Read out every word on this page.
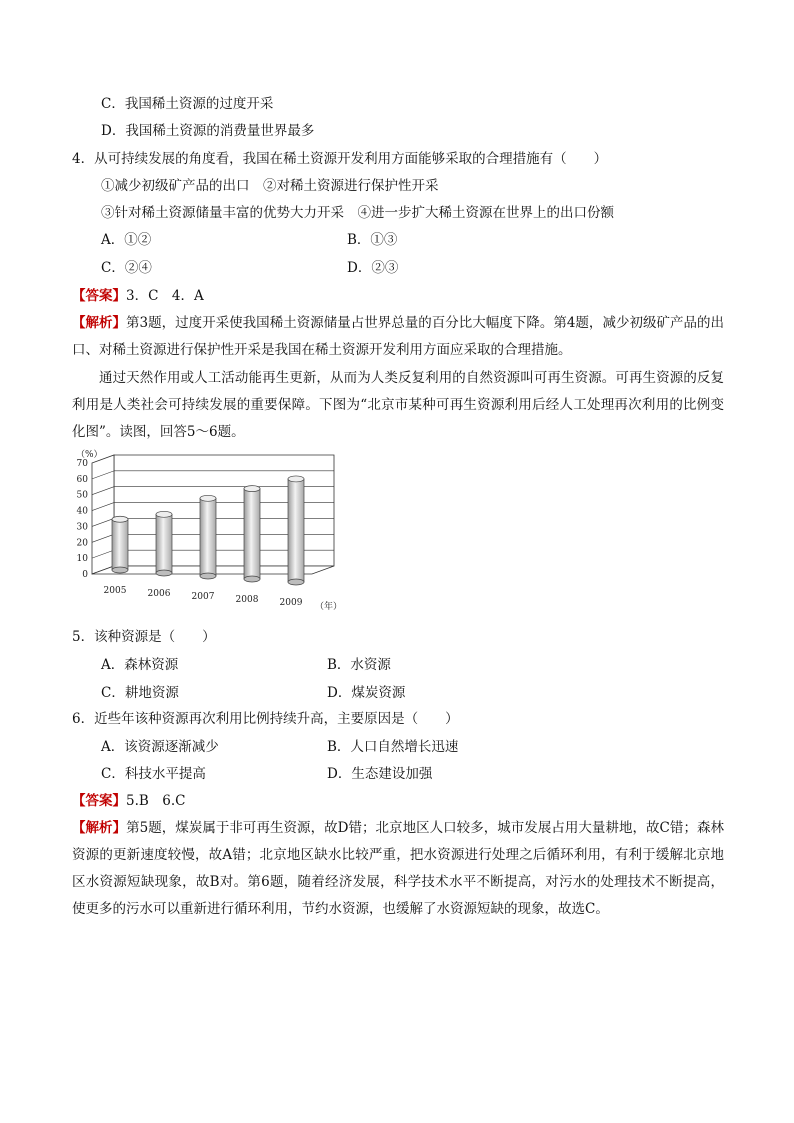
C．我国稀土资源的过度开采
D．我国稀土资源的消费量世界最多
4．从可持续发展的角度看，我国在稀土资源开发利用方面能够采取的合理措施有（　　）
①减少初级矿产品的出口　②对稀土资源进行保护性开采
③针对稀土资源储量丰富的优势大力开采　④进一步扩大稀土资源在世界上的出口份额
A．①②	B．①③
C．②④	D．②③
【答案】3．C　4．A
【解析】第3题，过度开采使我国稀土资源储量占世界总量的百分比大幅度下降。第4题，减少初级矿产品的出口、对稀土资源进行保护性开采是我国在稀土资源开发利用方面应采取的合理措施。
通过天然作用或人工活动能再生更新，从而为人类反复利用的自然资源叫可再生资源。可再生资源的反复利用是人类社会可持续发展的重要保障。下图为“北京市某种可再生资源利用后经人工处理再次利用的比例变化图”。读图，回答5～6题。
0
10
20
30
40
50
60
70
（%）
2005 2006 2007 2008 2009 （年）
5．该种资源是（　　）
A．森林资源	B．水资源
C．耕地资源	D．煤炭资源
6．近些年该种资源再次利用比例持续升高，主要原因是（　　）
A．该资源逐渐减少	B．人口自然增长迅速
C．科技水平提高	D．生态建设加强
【答案】5.B　6.C
【解析】第5题，煤炭属于非可再生资源，故D错；北京地区人口较多，城市发展占用大量耕地，故C错；森林资源的更新速度较慢，故A错；北京地区缺水比较严重，把水资源进行处理之后循环利用，有利于缓解北京地区水资源短缺现象，故B对。第6题，随着经济发展，科学技术水平不断提高，对污水的处理技术不断提高，使更多的污水可以重新进行循环利用，节约水资源，也缓解了水资源短缺的现象，故选C。
